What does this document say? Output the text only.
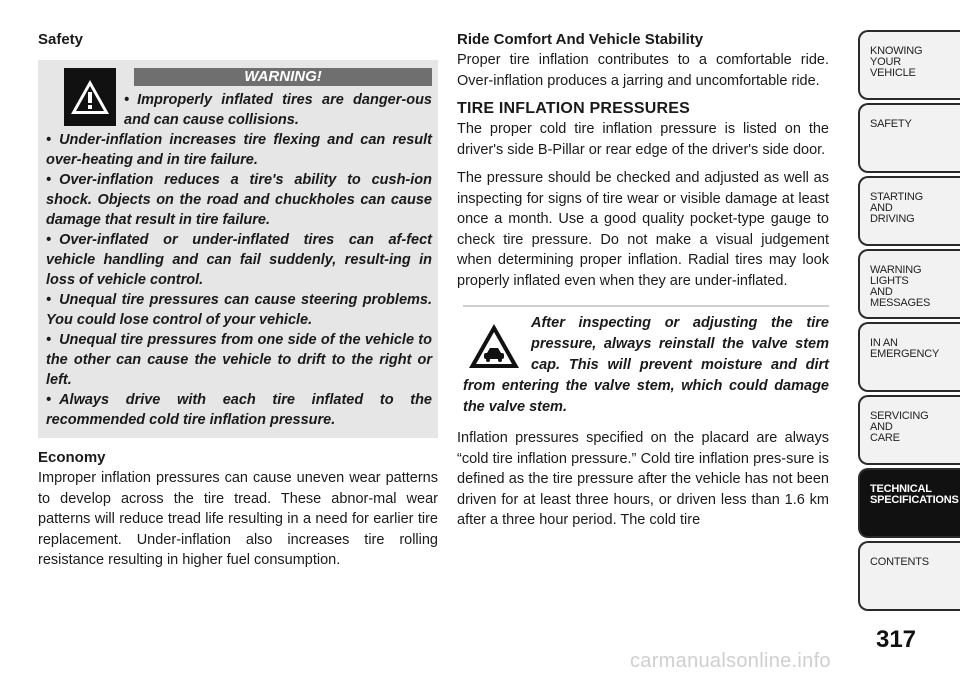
Safety

WARNING!
• Improperly inflated tires are danger-ous and can cause collisions.
• Under-inflation increases tire flexing and can result over-heating and in tire failure.
• Over-inflation reduces a tire's ability to cush-ion shock. Objects on the road and chuckholes can cause damage that result in tire failure.
• Over-inflated or under-inflated tires can af-fect vehicle handling and can fail suddenly, result-ing in loss of vehicle control.
• Unequal tire pressures can cause steering problems. You could lose control of your vehicle.
• Unequal tire pressures from one side of the vehicle to the other can cause the vehicle to drift to the right or left.
• Always drive with each tire inflated to the recommended cold tire inflation pressure.

Economy

Improper inflation pressures can cause uneven wear patterns to develop across the tire tread. These abnor-mal wear patterns will reduce tread life resulting in a need for earlier tire replacement. Under-inflation also increases tire rolling resistance resulting in higher fuel consumption.

Ride Comfort And Vehicle Stability

Proper tire inflation contributes to a comfortable ride. Over-inflation produces a jarring and uncomfortable ride.

TIRE INFLATION PRESSURES

The proper cold tire inflation pressure is listed on the driver's side B-Pillar or rear edge of the driver's side door.

The pressure should be checked and adjusted as well as inspecting for signs of tire wear or visible damage at least once a month. Use a good quality pocket-type gauge to check tire pressure. Do not make a visual judgement when determining proper inflation. Radial tires may look properly inflated even when they are under-inflated.

After inspecting or adjusting the tire pressure, always reinstall the valve stem cap. This will prevent moisture and dirt from entering the valve stem, which could damage the valve stem.

Inflation pressures specified on the placard are always “cold tire inflation pressure.” Cold tire inflation pres-sure is defined as the tire pressure after the vehicle has not been driven for at least three hours, or driven less than 1.6 km after a three hour period. The cold tire

KNOWING
YOUR
VEHICLE
SAFETY
STARTING
AND
DRIVING
WARNING
LIGHTS
AND
MESSAGES
IN AN
EMERGENCY
SERVICING
AND
CARE
TECHNICAL
SPECIFICATIONS
CONTENTS
317
carmanualsonline.info
